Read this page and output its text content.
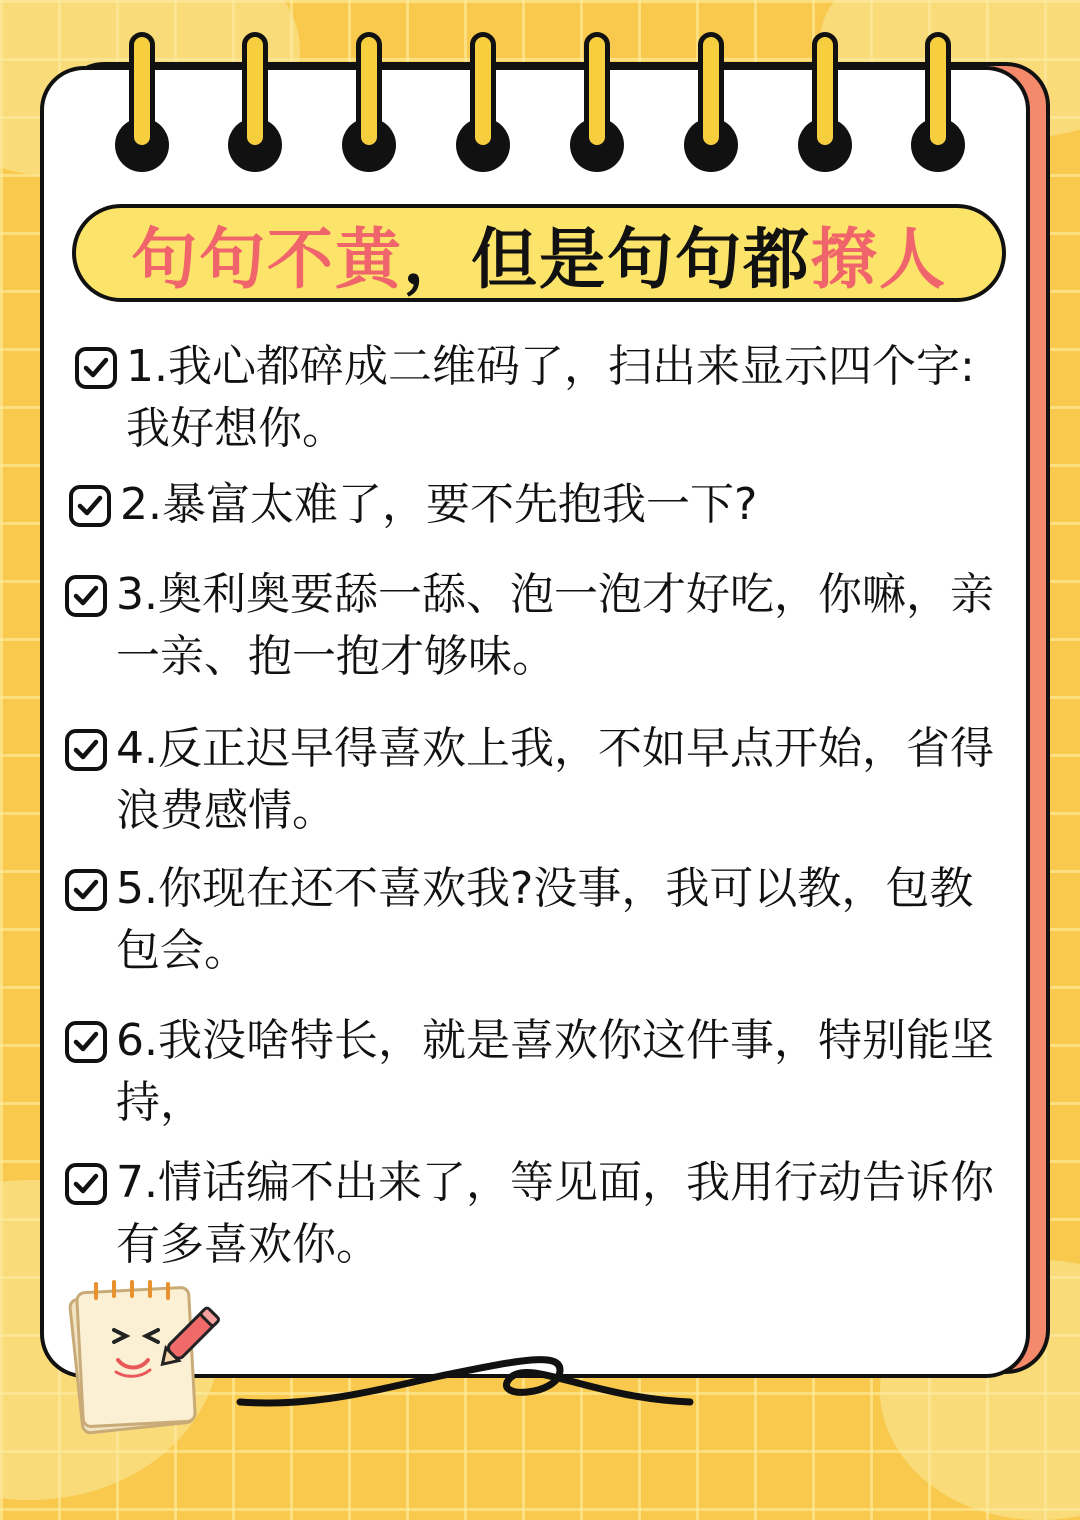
句句不黄 ，但是句句都 撩人
1.我心都碎成二维码了，扫出来显示四个字:我好想你。
2.暴富太难了，要不先抱我一下?
3.奥利奥要舔一舔、泡一泡才好吃，你嘛，亲一亲、抱一抱才够味。
4.反正迟早得喜欢上我，不如早点开始，省得浪费感情。
5.你现在还不喜欢我?没事，我可以教，包教包会。
6.我没啥特长，就是喜欢你这件事，特别能坚持，
7.情话编不出来了，等见面，我用行动告诉你有多喜欢你。
